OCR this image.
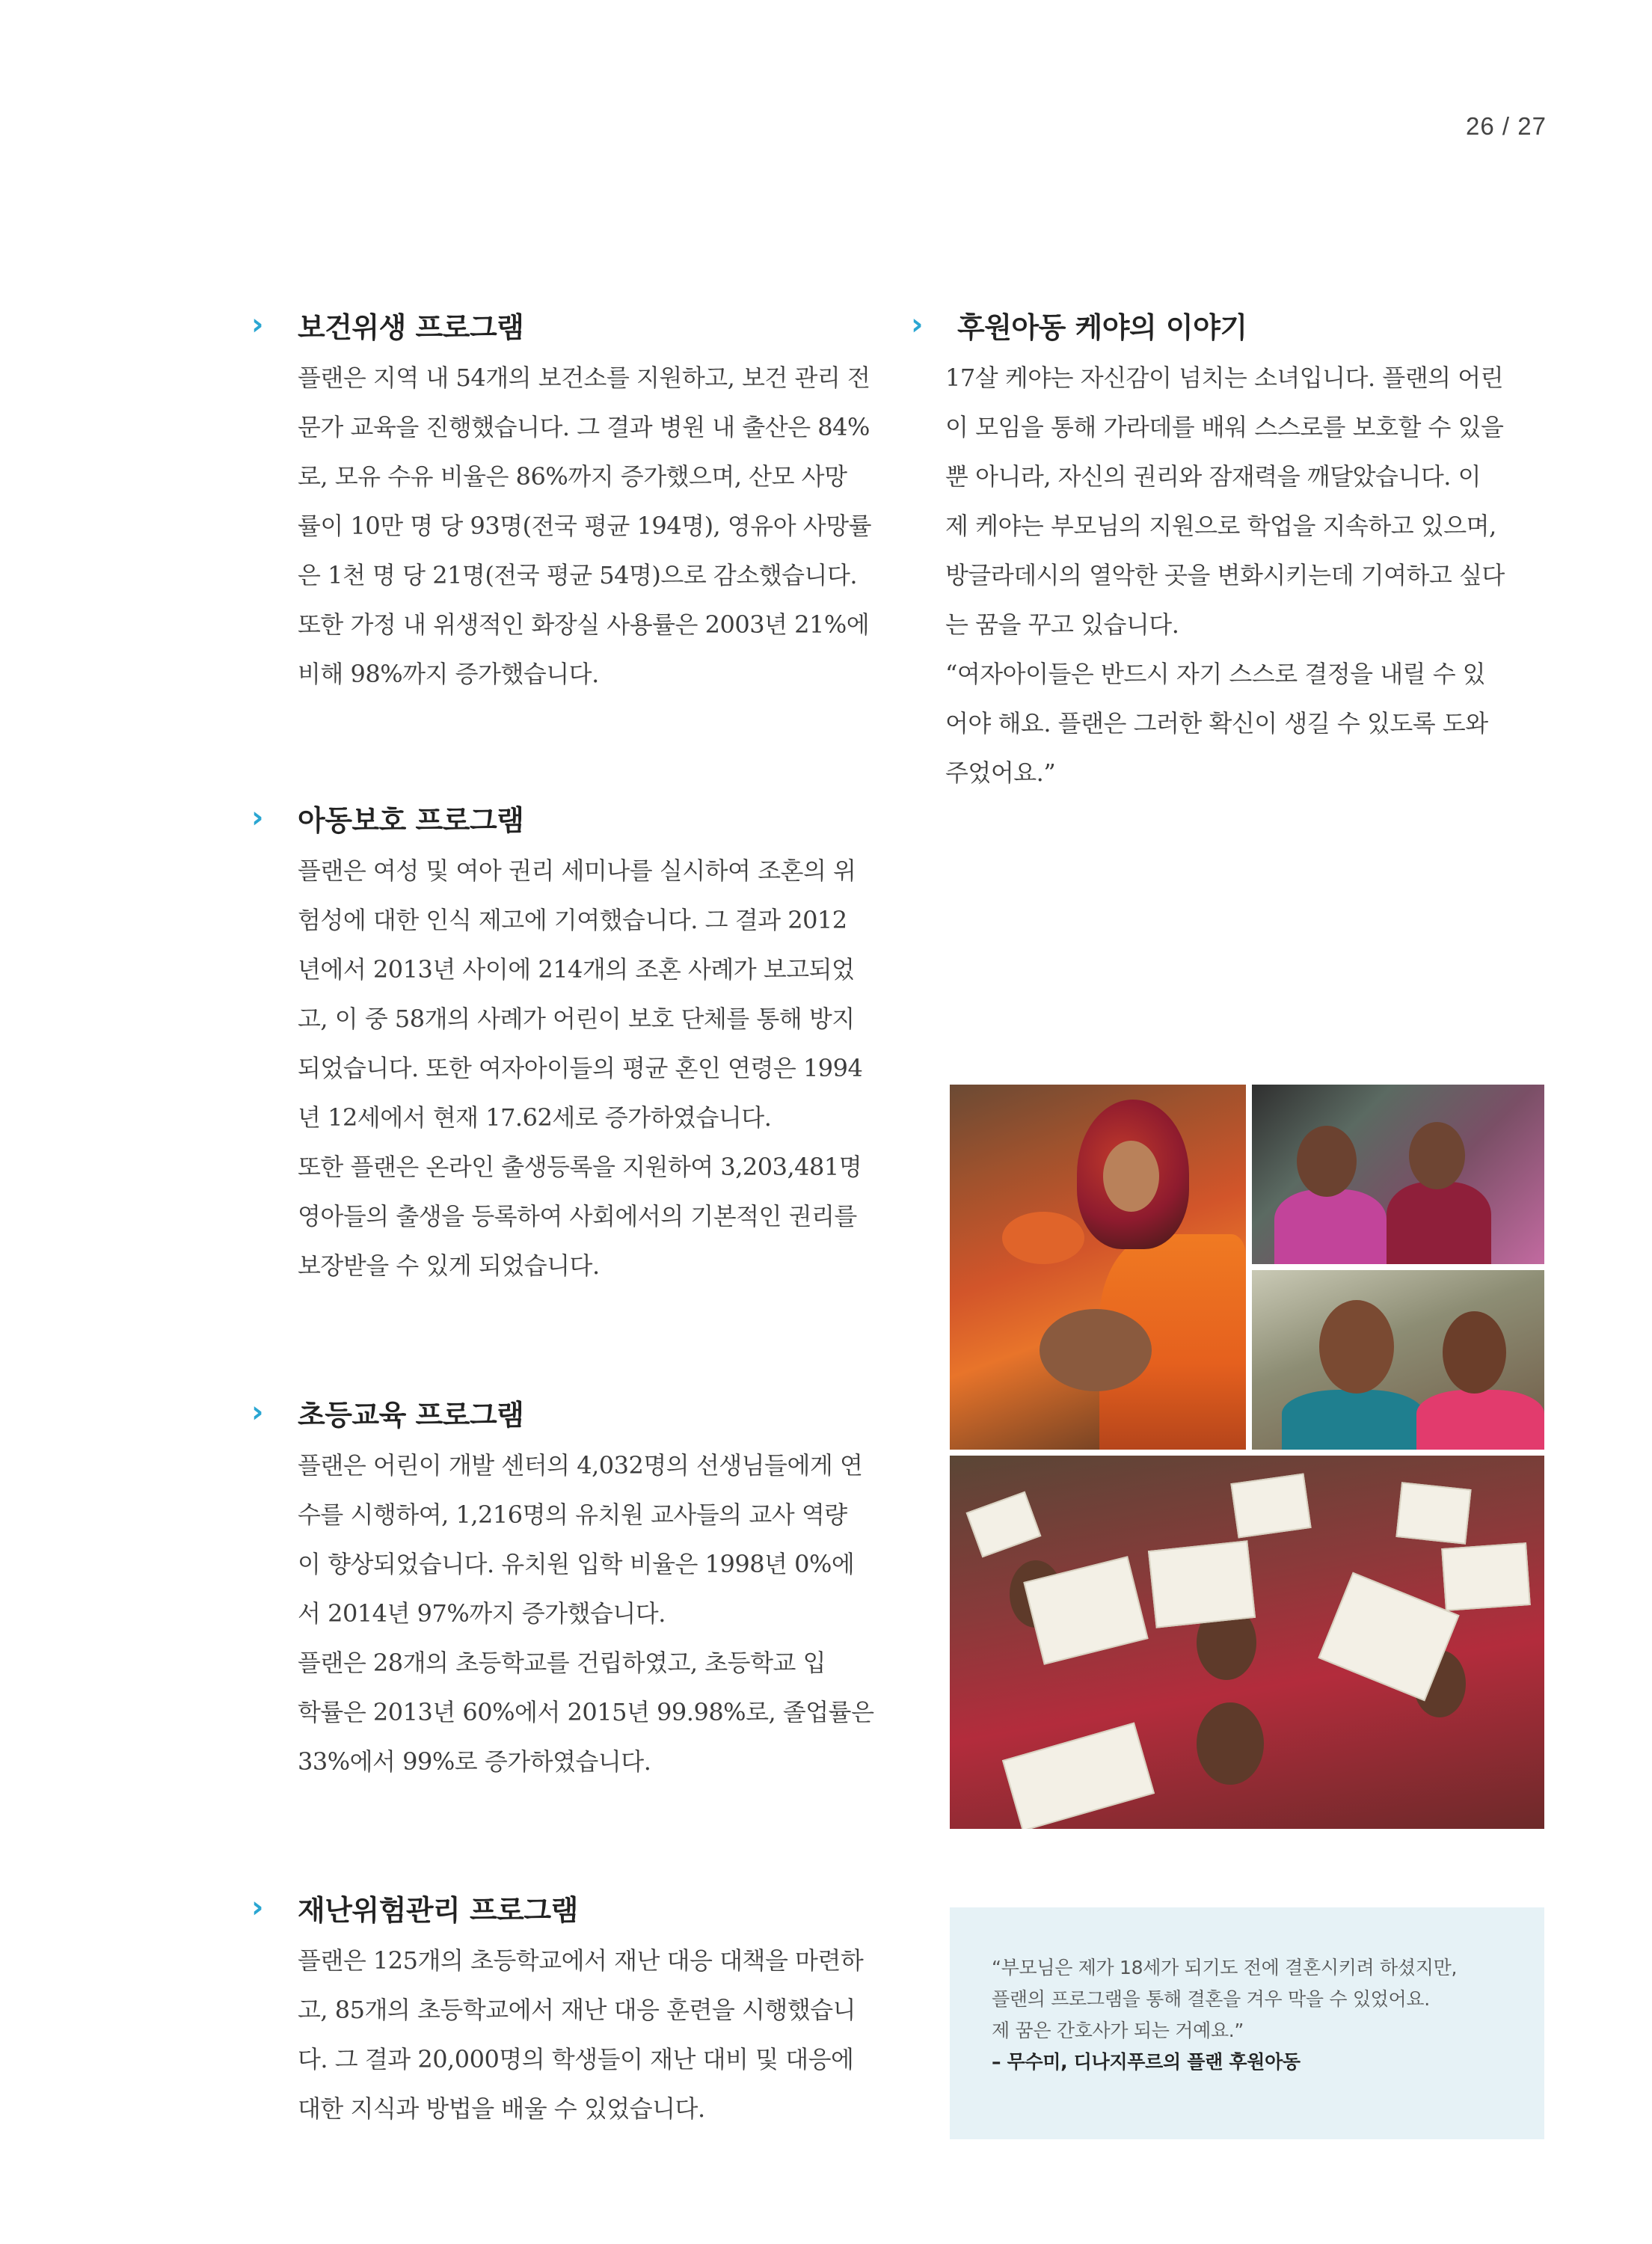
26 / 27
›	보건위생 프로그램

플랜은 지역 내 54개의 보건소를 지원하고, 보건 관리 전

문가 교육을 진행했습니다. 그 결과 병원 내 출산은 84%

로, 모유 수유 비율은 86%까지 증가했으며, 산모 사망

률이 10만 명 당 93명(전국 평균 194명), 영유아 사망률

은 1천 명 당 21명(전국 평균 54명)으로 감소했습니다.

또한 가정 내 위생적인 화장실 사용률은 2003년 21%에

비해 98%까지 증가했습니다.

›	아동보호 프로그램

플랜은 여성 및 여아 권리 세미나를 실시하여 조혼의 위

험성에 대한 인식 제고에 기여했습니다. 그 결과 2012

년에서 2013년 사이에 214개의 조혼 사례가 보고되었

고, 이 중 58개의 사례가 어린이 보호 단체를 통해 방지

되었습니다. 또한 여자아이들의 평균 혼인 연령은 1994

년 12세에서 현재 17.62세로 증가하였습니다.

또한 플랜은 온라인 출생등록을 지원하여 3,203,481명

영아들의 출생을 등록하여 사회에서의 기본적인 권리를

보장받을 수 있게 되었습니다.

›	초등교육 프로그램

플랜은 어린이 개발 센터의 4,032명의 선생님들에게 연

수를 시행하여, 1,216명의 유치원 교사들의 교사 역량

이 향상되었습니다. 유치원 입학 비율은 1998년 0%에

서 2014년 97%까지 증가했습니다.

플랜은 28개의 초등학교를 건립하였고, 초등학교 입

학률은 2013년 60%에서 2015년 99.98%로, 졸업률은

33%에서 99%로 증가하였습니다.

›	재난위험관리 프로그램

플랜은 125개의 초등학교에서 재난 대응 대책을 마련하

고, 85개의 초등학교에서 재난 대응 훈련을 시행했습니

다. 그 결과 20,000명의 학생들이 재난 대비 및 대응에

대한 지식과 방법을 배울 수 있었습니다.

›	후원아동 케야의 이야기

17살 케야는 자신감이 넘치는 소녀입니다. 플랜의 어린

이 모임을 통해 가라데를 배워 스스로를 보호할 수 있을

뿐 아니라, 자신의 권리와 잠재력을 깨달았습니다. 이

제 케야는 부모님의 지원으로 학업을 지속하고 있으며,

방글라데시의 열악한 곳을 변화시키는데 기여하고 싶다

는 꿈을 꾸고 있습니다.

“여자아이들은 반드시 자기 스스로 결정을 내릴 수 있

어야 해요. 플랜은 그러한 확신이 생길 수 있도록 도와

주었어요.”

“부모님은 제가 18세가 되기도 전에 결혼시키려 하셨지만,

플랜의 프로그램을 통해 결혼을 겨우 막을 수 있었어요.

제 꿈은 간호사가 되는 거예요.”

– 무수미, 디나지푸르의 플랜 후원아동
